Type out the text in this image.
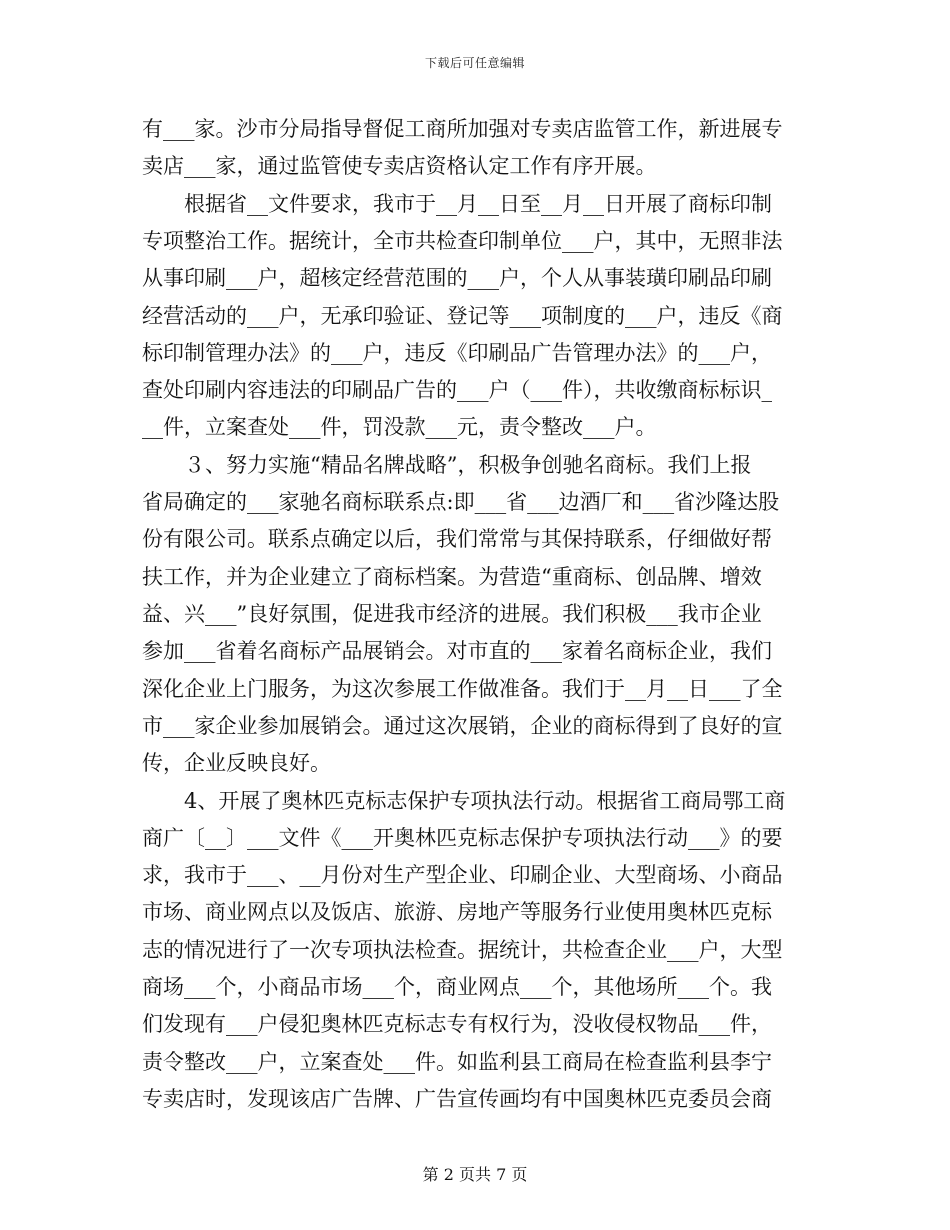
下载后可任意编辑
有___家。沙市分局指导督促工商所加强对专卖店监管工作，新进展专
卖店___家，通过监管使专卖店资格认定工作有序开展。
　　根据省__文件要求，我市于__月__日至__月__日开展了商标印制
专项整治工作。据统计，全市共检查印制单位___户，其中，无照非法
从事印刷___户，超核定经营范围的___户，个人从事装璜印刷品印刷
经营活动的___户，无承印验证、登记等___项制度的___户，违反《商
标印制管理办法》的___户，违反《印刷品广告管理办法》的___户，
查处印刷内容违法的印刷品广告的___户（___件），共收缴商标标识_
__件，立案查处___件，罚没款___元，责令整改___户。
　　３、努力实施“精品名牌战略”，积极争创驰名商标。我们上报
省局确定的___家驰名商标联系点:即___省___边酒厂和___省沙隆达股
份有限公司。联系点确定以后，我们常常与其保持联系，仔细做好帮
扶工作，并为企业建立了商标档案。为营造“重商标、创品牌、增效
益、兴___”良好氛围，促进我市经济的进展。我们积极___我市企业
参加___省着名商标产品展销会。对市直的___家着名商标企业，我们
深化企业上门服务，为这次参展工作做准备。我们于__月__日___了全
市___家企业参加展销会。通过这次展销，企业的商标得到了良好的宣
传，企业反映良好。
　　4、开展了奥林匹克标志保护专项执法行动。根据省工商局鄂工商
商广〔__〕___文件《___开奥林匹克标志保护专项执法行动___》的要
求，我市于___、__月份对生产型企业、印刷企业、大型商场、小商品
市场、商业网点以及饭店、旅游、房地产等服务行业使用奥林匹克标
志的情况进行了一次专项执法检查。据统计，共检查企业___户，大型
商场___个，小商品市场___个，商业网点___个，其他场所___个。我
们发现有___户侵犯奥林匹克标志专有权行为，没收侵权物品___件，
责令整改___户，立案查处___件。如监利县工商局在检查监利县李宁
专卖店时，发现该店广告牌、广告宣传画均有中国奥林匹克委员会商
第 2 页共 7 页
